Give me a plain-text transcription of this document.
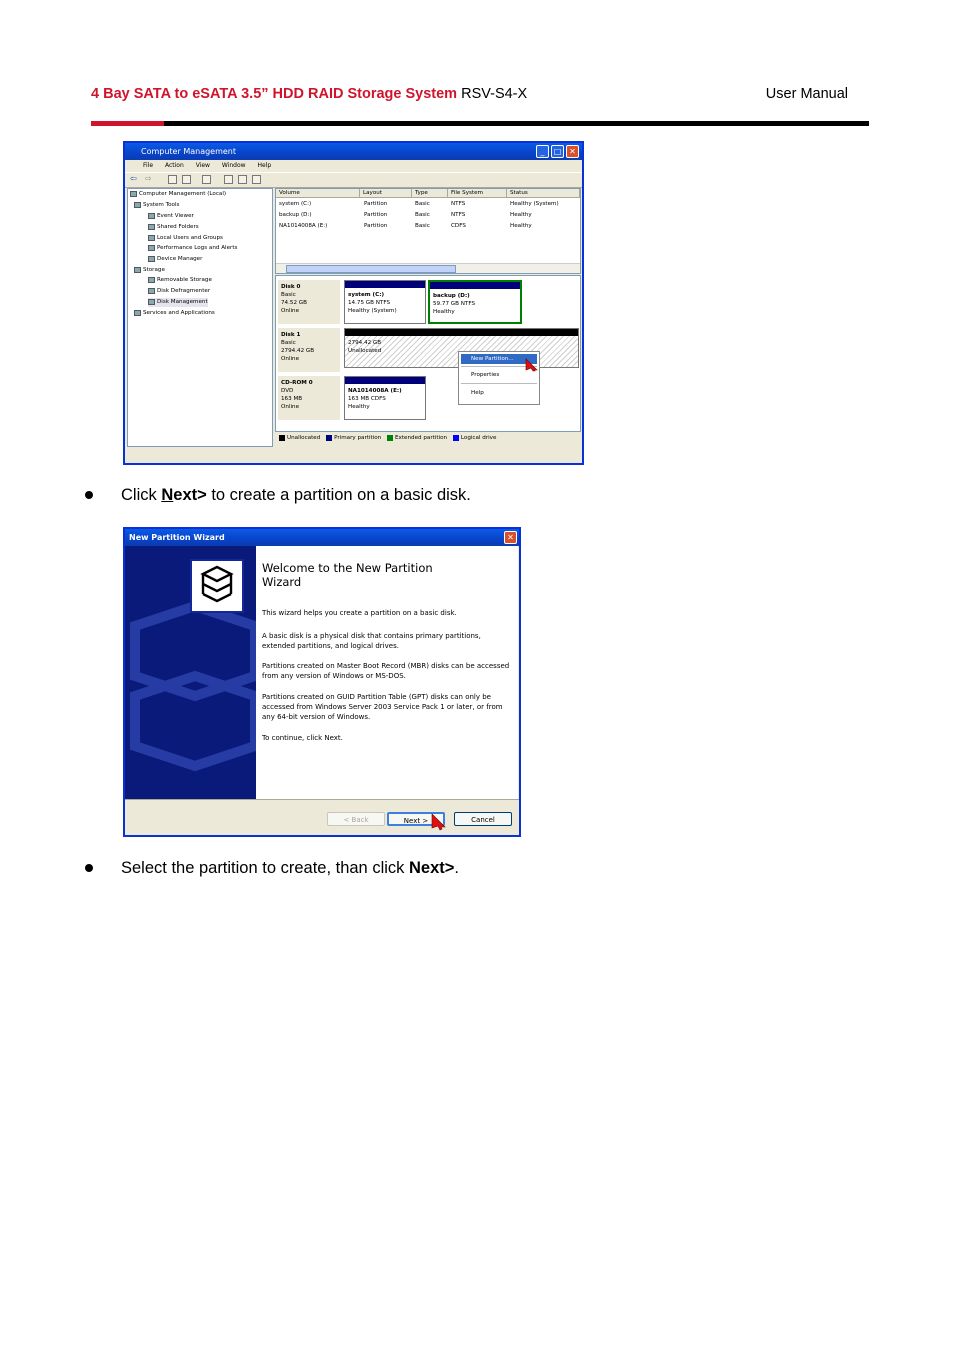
4 Bay SATA to eSATA 3.5” HDD RAID Storage System RSV-S4-X	User Manual
Computer Management	_	□ ✕
File Action View Window Help
⇦ ⇨
Computer Management (Local)
System Tools
Event Viewer
Shared Folders
Local Users and Groups
Performance Logs and Alerts
Device Manager
Storage
Removable Storage
Disk Defragmenter
Disk Management
Services and Applications
Volume	Layout	Type	File System	Status
system (C:)	Partition	Basic	NTFS	Healthy (System)
backup (D:)	Partition	Basic	NTFS	Healthy
NA1014008A (E:)	Partition	Basic	CDFS	Healthy
Disk 0
Basic
74.52 GB
Online
system (C:)
14.75 GB NTFS
Healthy (System)
backup (D:)
59.77 GB NTFS
Healthy
Disk 1
Basic
2794.42 GB
Online
2794.42 GB
Unallocated
CD-ROM 0
DVD
163 MB
Online
NA1014008A (E:)
163 MB CDFS
Healthy
Unallocated Primary partition Extended partition Logical drive
New Partition...
Properties
Help
Click Next> to create a partition on a basic disk.
New Partition Wizard	✕
Welcome to the New Partition Wizard

This wizard helps you create a partition on a basic disk.

A basic disk is a physical disk that contains primary partitions, extended partitions, and logical drives.

Partitions created on Master Boot Record (MBR) disks can be accessed from any version of Windows or MS-DOS.

Partitions created on GUID Partition Table (GPT) disks can only be accessed from Windows Server 2003 Service Pack 1 or later, or from any 64-bit version of Windows.

To continue, click Next.

< Back	Next >	Cancel
Select the partition to create, than click Next>.
